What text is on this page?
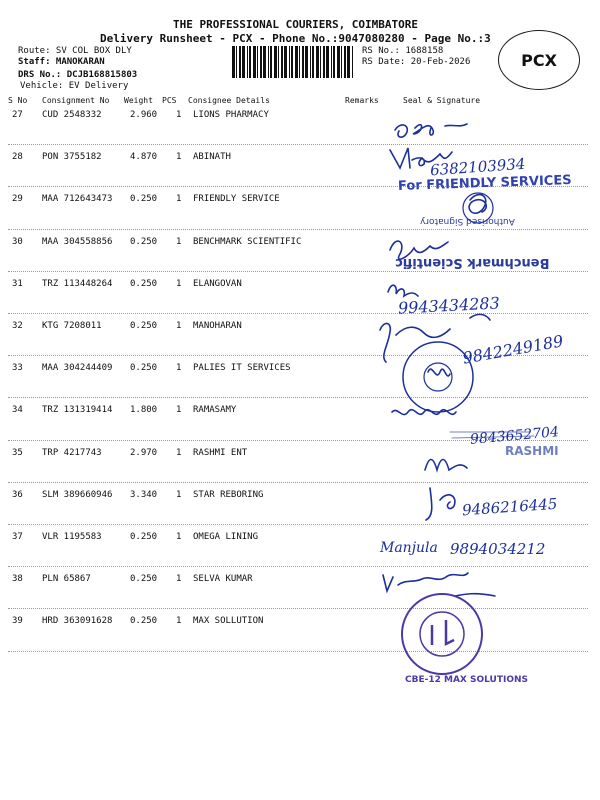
THE PROFESSIONAL COURIERS, COIMBATORE
Delivery Runsheet - PCX - Phone No.:9047080280 - Page No.:3
Route: SV COL BOX DLY
Staff: MANOKARAN
DRS No.: DCJB168815803
Vehicle: EV Delivery
RS No.: 1688158
RS Date: 20-Feb-2026	PCX
S No Consignment No Weight PCS Consignee Details	Remarks	Seal & Signature
27 CUD 2548332	2.960 1 LIONS PHARMACY
28 PON 3755182	4.870 1 ABINATH
29 MAA 712643473 0.250 1 FRIENDLY SERVICE
30 MAA 304558856 0.250 1 BENCHMARK SCIENTIFIC
31 TRZ 113448264 0.250 1 ELANGOVAN
32 KTG 7208011	0.250 1 MANOHARAN
33 MAA 304244409 0.250 1 PALIES IT SERVICES
34 TRZ 131319414 1.800 1 RAMASAMY
35 TRP 4217743	2.970 1 RASHMI ENT
36 SLM 389660946 3.340 1 STAR REBORING
37 VLR 1195583	0.250 1 OMEGA LINING
38 PLN 65867	0.250 1 SELVA KUMAR
39 HRD 363091628 0.250 1 MAX SOLLUTION
6382103934
For FRIENDLY SERVICES
Authorised Signatory
Benchmark Scientific
9943434283
9842249189
9843652704
RASHMI
9486216445
Manjula 9894034212
CBE-12 MAX SOLUTIONS
